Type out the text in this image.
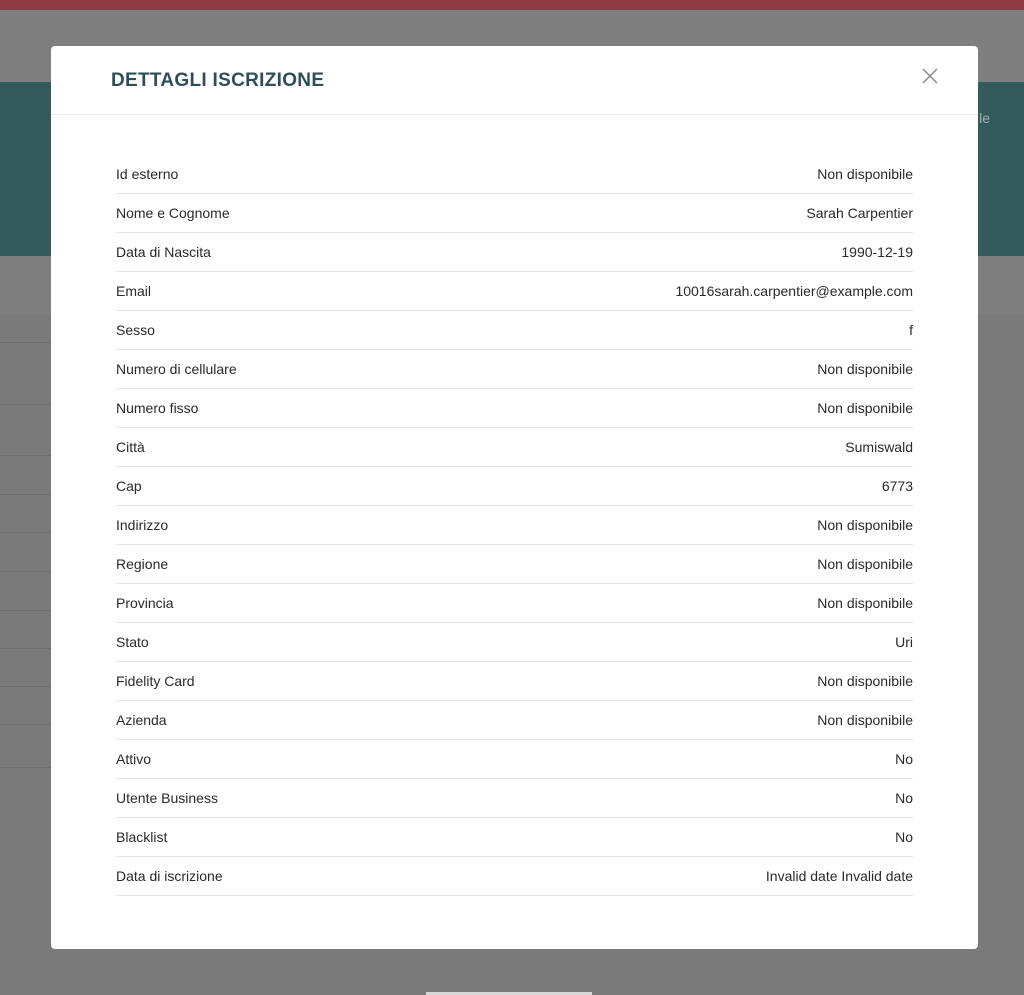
le
DETTAGLI ISCRIZIONE
Id esterno	Non disponibile
Nome e Cognome	Sarah Carpentier
Data di Nascita	1990-12-19
Email	10016sarah.carpentier@example.com
Sesso	f
Numero di cellulare	Non disponibile
Numero fisso	Non disponibile
Città	Sumiswald
Cap	6773
Indirizzo	Non disponibile
Regione	Non disponibile
Provincia	Non disponibile
Stato	Uri
Fidelity Card	Non disponibile
Azienda	Non disponibile
Attivo	No
Utente Business	No
Blacklist	No
Data di iscrizione	Invalid date Invalid date
